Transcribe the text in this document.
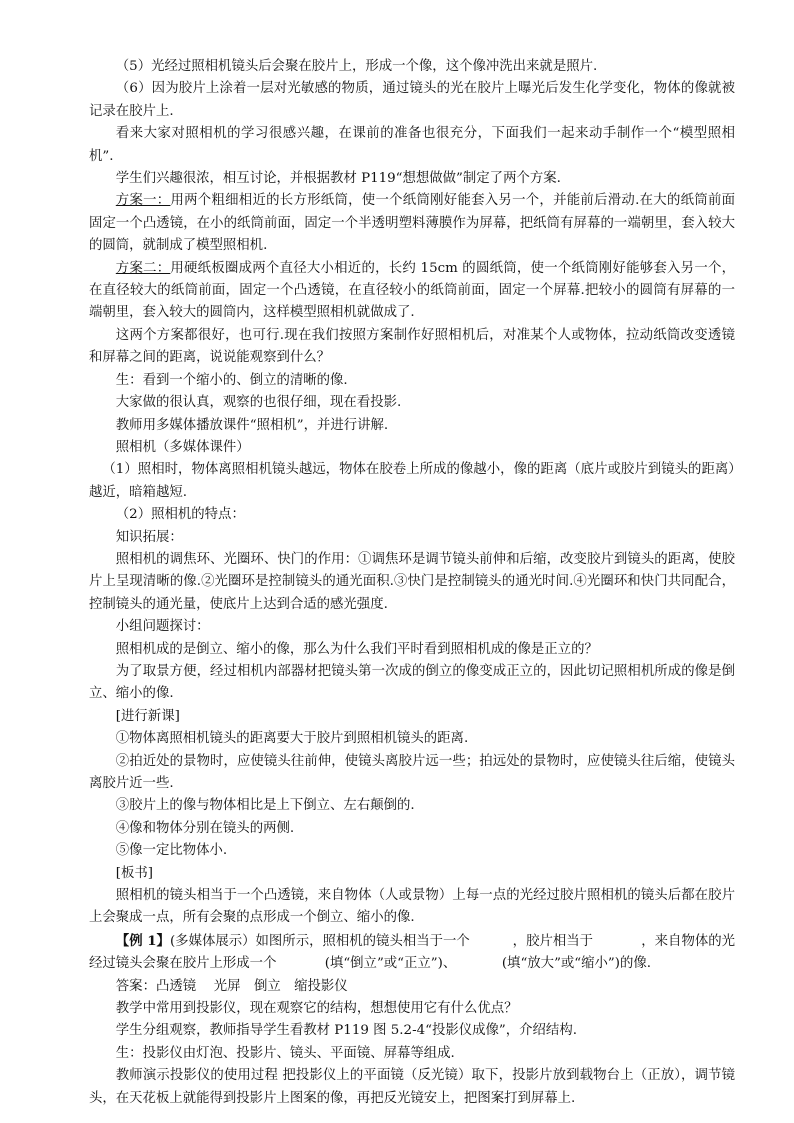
（5）光经过照相机镜头后会聚在胶片上，形成一个像，这个像冲洗出来就是照片.

（6）因为胶片上涂着一层对光敏感的物质，通过镜头的光在胶片上曝光后发生化学变化，物体的像就被记录在胶片上.

看来大家对照相机的学习很感兴趣，在课前的准备也很充分，下面我们一起来动手制作一个“模型照相机”.

学生们兴趣很浓，相互讨论，并根据教材 P119“想想做做”制定了两个方案.

方案一：用两个粗细相近的长方形纸筒，使一个纸筒刚好能套入另一个，并能前后滑动.在大的纸筒前面固定一个凸透镜，在小的纸筒前面，固定一个半透明塑料薄膜作为屏幕，把纸筒有屏幕的一端朝里，套入较大的圆筒，就制成了模型照相机.

方案二：用硬纸板圈成两个直径大小相近的，长约 15cm 的圆纸筒，使一个纸筒刚好能够套入另一个，在直径较大的纸筒前面，固定一个凸透镜，在直径较小的纸筒前面，固定一个屏幕.把较小的圆筒有屏幕的一端朝里，套入较大的圆筒内，这样模型照相机就做成了.

这两个方案都很好，也可行.现在我们按照方案制作好照相机后，对准某个人或物体，拉动纸筒改变透镜和屏幕之间的距离，说说能观察到什么？

生：看到一个缩小的、倒立的清晰的像.

大家做的很认真，观察的也很仔细，现在看投影.

教师用多媒体播放课件“照相机”，并进行讲解.

照相机（多媒体课件）

（1）照相时，物体离照相机镜头越远，物体在胶卷上所成的像越小，像的距离（底片或胶片到镜头的距离）越近，暗箱越短.

（2）照相机的特点：

知识拓展：

照相机的调焦环、光圈环、快门的作用：①调焦环是调节镜头前伸和后缩，改变胶片到镜头的距离，使胶片上呈现清晰的像.②光圈环是控制镜头的通光面积.③快门是控制镜头的通光时间.④光圈环和快门共同配合，控制镜头的通光量，使底片上达到合适的感光强度.

小组问题探讨：

照相机成的是倒立、缩小的像，那么为什么我们平时看到照相机成的像是正立的？

为了取景方便，经过相机内部器材把镜头第一次成的倒立的像变成正立的，因此切记照相机所成的像是倒立、缩小的像.

[进行新课]

①物体离照相机镜头的距离要大于胶片到照相机镜头的距离.

②拍近处的景物时，应使镜头往前伸，使镜头离胶片远一些；拍远处的景物时，应使镜头往后缩，使镜头离胶片近一些.

③胶片上的像与物体相比是上下倒立、左右颠倒的.

④像和物体分别在镜头的两侧.

⑤像一定比物体小.

[板书]

照相机的镜头相当于一个凸透镜，来自物体（人或景物）上每一点的光经过胶片照相机的镜头后都在胶片上会聚成一点，所有会聚的点形成一个倒立、缩小的像.

【例 1】(多媒体展示）如图所示，照相机的镜头相当于一个	，胶片相当于	，来自物体的光经过镜头会聚在胶片上形成一个	(填“倒立”或“正立”)、	(填“放大”或“缩小”)的像.

答案：凸透镜　 光屏　倒立　缩投影仪

教学中常用到投影仪，现在观察它的结构，想想使用它有什么优点？

学生分组观察，教师指导学生看教材 P119 图 5.2-4“投影仪成像”，介绍结构.

生：投影仪由灯泡、投影片、镜头、平面镜、屏幕等组成.

教师演示投影仪的使用过程 把投影仪上的平面镜（反光镜）取下，投影片放到载物台上（正放），调节镜头，在天花板上就能得到投影片上图案的像，再把反光镜安上，把图案打到屏幕上.
